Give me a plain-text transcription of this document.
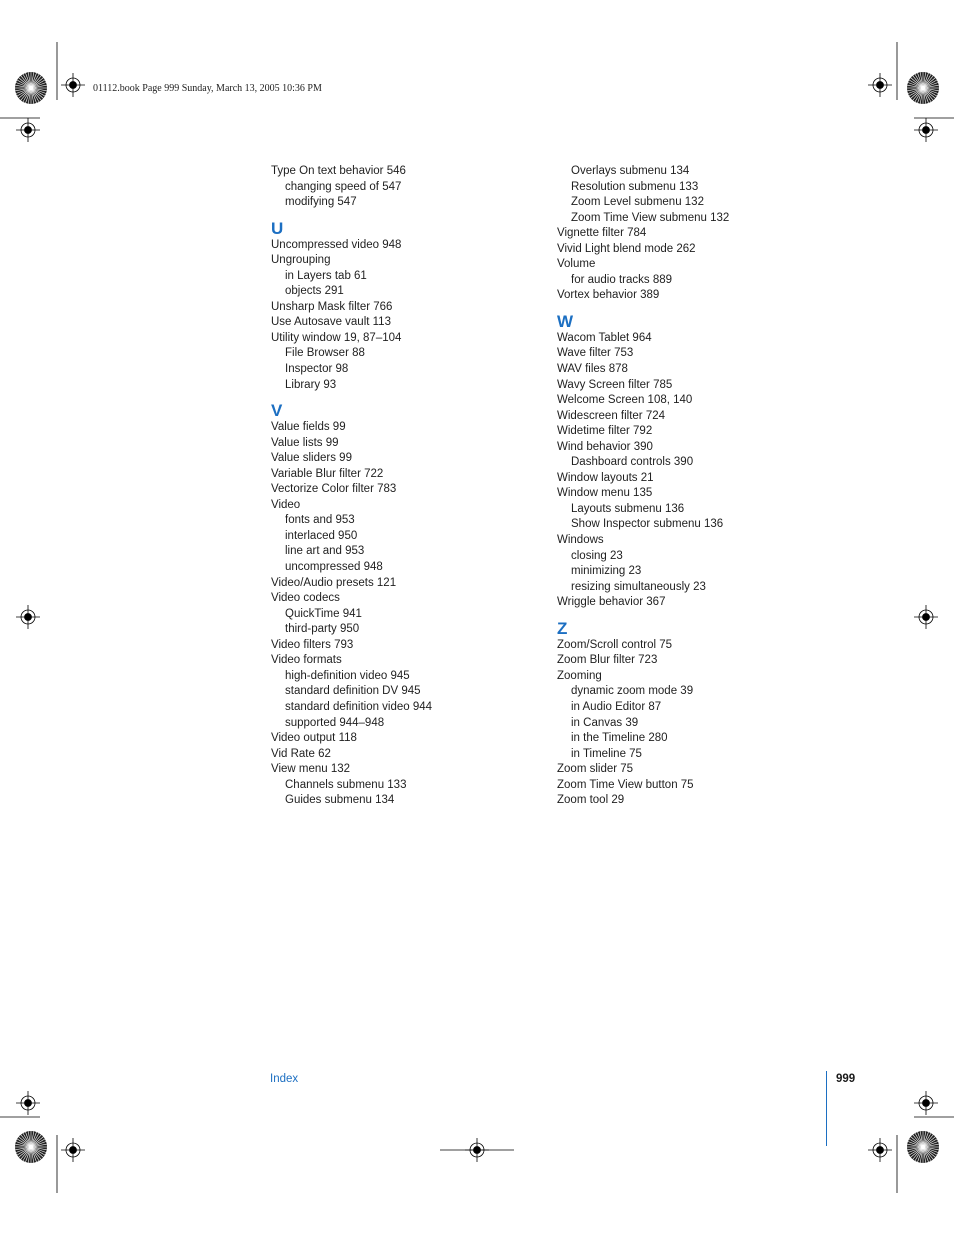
01112.book Page 999 Sunday, March 13, 2005 10:36 PM
Type On text behavior 546
changing speed of 547
modifying 547
U
Uncompressed video 948
Ungrouping
in Layers tab 61
objects 291
Unsharp Mask filter 766
Use Autosave vault 113
Utility window 19, 87–104
File Browser 88
Inspector 98
Library 93
V
Value fields 99
Value lists 99
Value sliders 99
Variable Blur filter 722
Vectorize Color filter 783
Video
fonts and 953
interlaced 950
line art and 953
uncompressed 948
Video/Audio presets 121
Video codecs
QuickTime 941
third-party 950
Video filters 793
Video formats
high-definition video 945
standard definition DV 945
standard definition video 944
supported 944–948
Video output 118
Vid Rate 62
View menu 132
Channels submenu 133
Guides submenu 134
Overlays submenu 134
Resolution submenu 133
Zoom Level submenu 132
Zoom Time View submenu 132
Vignette filter 784
Vivid Light blend mode 262
Volume
for audio tracks 889
Vortex behavior 389
W
Wacom Tablet 964
Wave filter 753
WAV files 878
Wavy Screen filter 785
Welcome Screen 108, 140
Widescreen filter 724
Widetime filter 792
Wind behavior 390
Dashboard controls 390
Window layouts 21
Window menu 135
Layouts submenu 136
Show Inspector submenu 136
Windows
closing 23
minimizing 23
resizing simultaneously 23
Wriggle behavior 367
Z
Zoom/Scroll control 75
Zoom Blur filter 723
Zooming
dynamic zoom mode 39
in Audio Editor 87
in Canvas 39
in the Timeline 280
in Timeline 75
Zoom slider 75
Zoom Time View button 75
Zoom tool 29
Index	999
